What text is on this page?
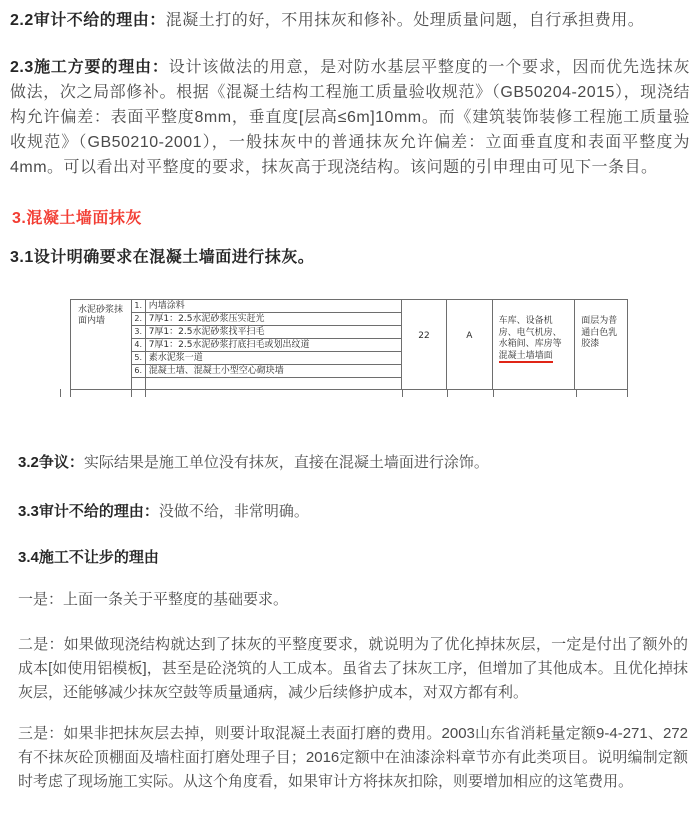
2.2审计不给的理由：混凝土打的好，不用抹灰和修补。处理质量问题，自行承担费用。

2.3施工方要的理由：设计该做法的用意，是对防水基层平整度的一个要求，因而优先选抹灰做法，次之局部修补。根据《混凝土结构工程施工质量验收规范》（GB50204-2015），现浇结构允许偏差：表面平整度8mm，垂直度[层高≤6m]10mm。而《建筑装饰装修工程施工质量验收规范》（GB50210-2001），一般抹灰中的普通抹灰允许偏差：立面垂直度和表面平整度为4mm。可以看出对平整度的要求，抹灰高于现浇结构。该问题的引申理由可见下一条目。

3.混凝土墙面抹灰

3.1设计明确要求在混凝土墙面进行抹灰。

水泥砂浆抹面内墙
1. 内墙涂料
2. 7厚1：2.5水泥砂浆压实赶光
3. 7厚1：2.5水泥砂浆找平扫毛
4. 7厚1：2.5水泥砂浆打底扫毛或划出纹道
5. 素水泥浆一道
6. 混凝土墙、混凝土小型空心砌块墙
22	A
车库、设备机房、电气机房、水箱间、库房等混凝土墙墙面
面层为普通白色乳胶漆

3.2争议：实际结果是施工单位没有抹灰，直接在混凝土墙面进行涂饰。

3.3审计不给的理由：没做不给，非常明确。

3.4施工不让步的理由

一是：上面一条关于平整度的基础要求。

二是：如果做现浇结构就达到了抹灰的平整度要求，就说明为了优化掉抹灰层，一定是付出了额外的成本[如使用铝模板]，甚至是砼浇筑的人工成本。虽省去了抹灰工序，但增加了其他成本。且优化掉抹灰层，还能够减少抹灰空鼓等质量通病，减少后续修护成本，对双方都有利。

三是：如果非把抹灰层去掉，则要计取混凝土表面打磨的费用。2003山东省消耗量定额9-4-271、272有不抹灰砼顶棚面及墙柱面打磨处理子目；2016定额中在油漆涂料章节亦有此类项目。说明编制定额时考虑了现场施工实际。从这个角度看，如果审计方将抹灰扣除，则要增加相应的这笔费用。
